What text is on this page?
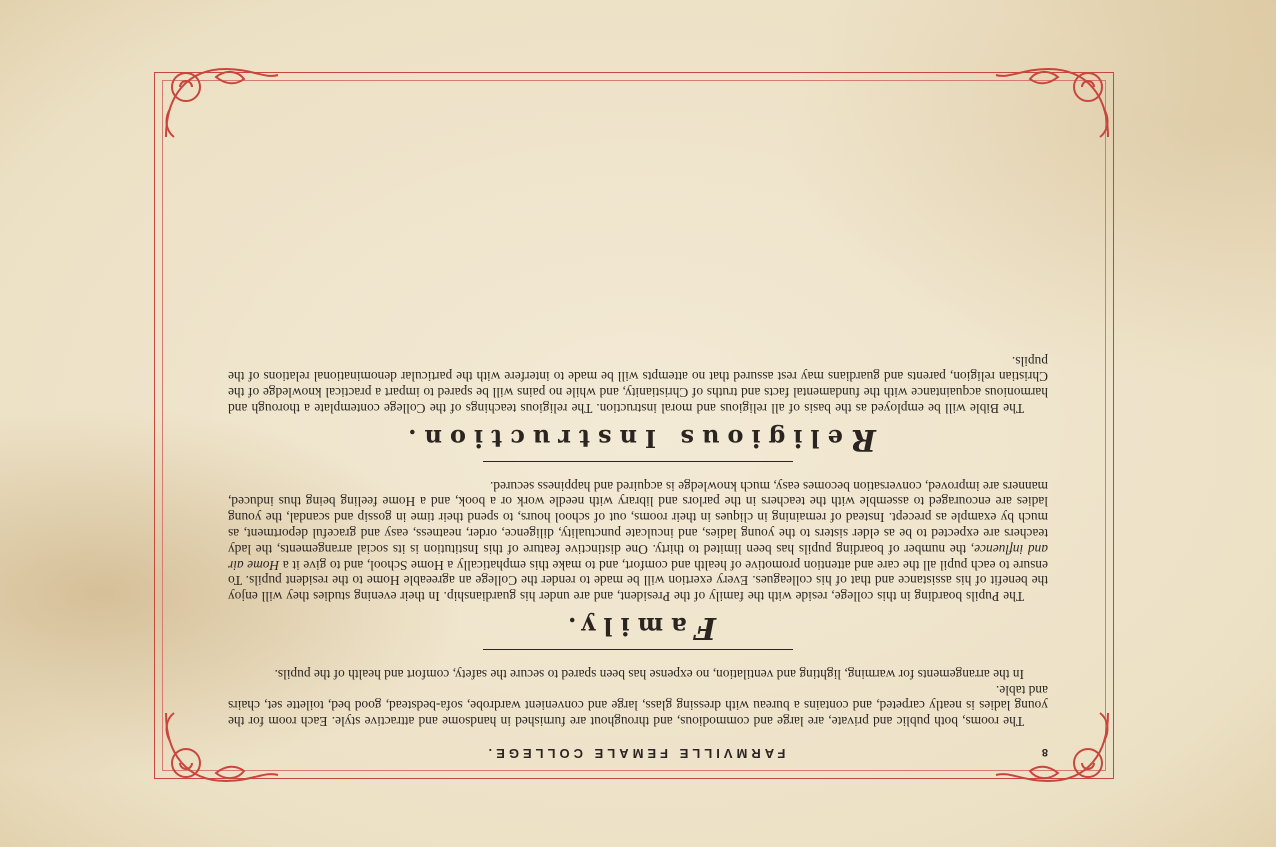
8
FARMVILLE FEMALE COLLEGE.

The rooms, both public and private, are large and commodious, and throughout are furnished in handsome and attractive style. Each room for the young ladies is neatly carpeted, and contains a bureau with dressing glass, large and convenient wardrobe, sofa-bedstead, good bed, toilette set, chairs and table.

In the arrangements for warming, lighting and ventilation, no expense has been spared to secure the safety, comfort and health of the pupils.

Family.

The Pupils boarding in this college, reside with the family of the President, and are under his guardianship. In their evening studies they will enjoy the benefit of his assistance and that of his colleagues. Every exertion will be made to render the College an agreeable Home to the resident pupils. To ensure to each pupil all the care and attention promotive of health and comfort, and to make this emphatically a Home School, and to give it a Home air and influence, the number of boarding pupils has been limited to thirty. One distinctive feature of this Institution is its social arrangements, the lady teachers are expected to be as elder sisters to the young ladies, and inculcate punctuality, diligence, order, neatness, easy and graceful deportment, as much by example as precept. Instead of remaining in cliques in their rooms, out of school hours, to spend their time in gossip and scandal, the young ladies are encouraged to assemble with the teachers in the parlors and library with needle work or a book, and a Home feeling being thus induced, manners are improved, conversation becomes easy, much knowledge is acquired and happiness secured.

Religious Instruction.

The Bible will be employed as the basis of all religious and moral instruction. The religious teachings of the College contemplate a thorough and harmonious acquaintance with the fundamental facts and truths of Christianity, and while no pains will be spared to impart a practical knowledge of the Christian religion, parents and guardians may rest assured that no attempts will be made to interfere with the particular denominational relations of the pupils.
